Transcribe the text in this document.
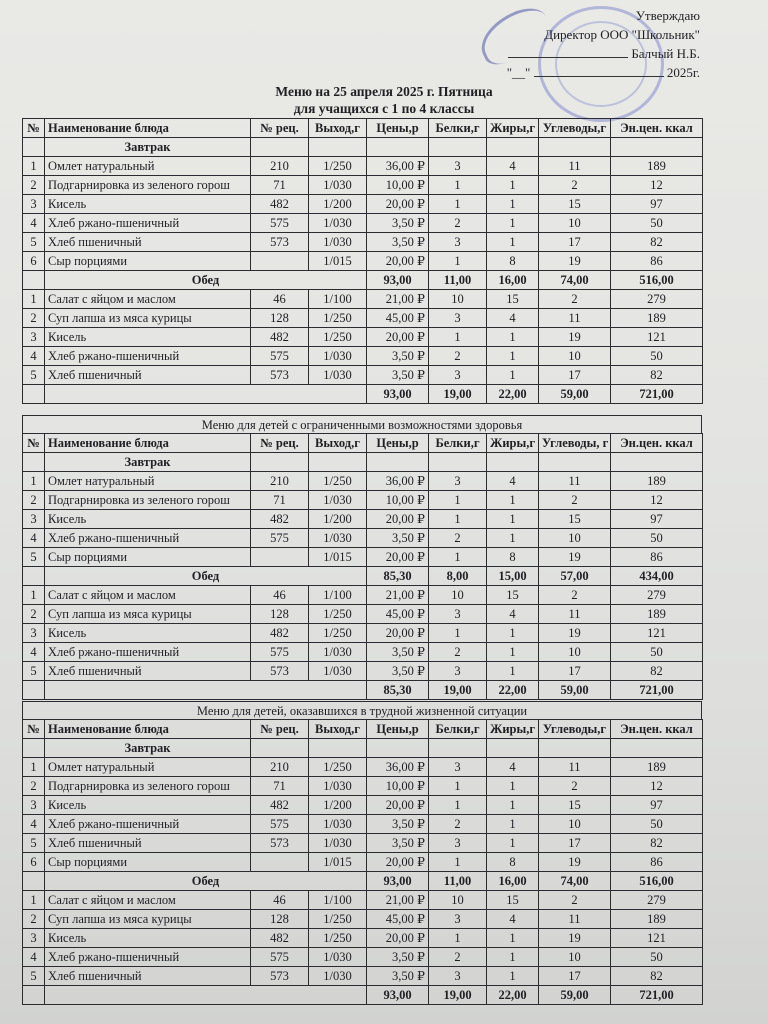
Утверждаю
Директор ООО "Школьник"
Балчый Н.Б.
"__"	2025г.
Меню на 25 апреля 2025 г. Пятница
для учащихся с 1 по 4 классы
№	Наименование блюда	№ рец.	Выход,г	Цены,р	Белки,г	Жиры,г	Углеводы,г	Эн.цен. ккал
	Завтрак							
1	Омлет натуральный	210	1/250	36,00 ₽	3	4	11	189
2	Подгарнировка из зеленого горош	71	1/030	10,00 ₽	1	1	2	12
3	Кисель	482	1/200	20,00 ₽	1	1	15	97
4	Хлеб ржано-пшеничный	575	1/030	3,50 ₽	2	1	10	50
5	Хлеб пшеничный	573	1/030	3,50 ₽	3	1	17	82
6	Сыр порциями		1/015	20,00 ₽	1	8	19	86
	Обед			93,00	11,00	16,00	74,00	516,00
1	Салат с яйцом и маслом	46	1/100	21,00 ₽	10	15	2	279
2	Суп лапша из мяса курицы	128	1/250	45,00 ₽	3	4	11	189
3	Кисель	482	1/250	20,00 ₽	1	1	19	121
4	Хлеб ржано-пшеничный	575	1/030	3,50 ₽	2	1	10	50
5	Хлеб пшеничный	573	1/030	3,50 ₽	3	1	17	82
				93,00	19,00	22,00	59,00	721,00
Меню для детей с ограниченными возможностями здоровья
№	Наименование блюда	№ рец.	Выход,г	Цены,р	Белки,г	Жиры,г	Углеводы, г	Эн.цен. ккал
	Завтрак							
1	Омлет натуральный	210	1/250	36,00 ₽	3	4	11	189
2	Подгарнировка из зеленого горош	71	1/030	10,00 ₽	1	1	2	12
3	Кисель	482	1/200	20,00 ₽	1	1	15	97
4	Хлеб ржано-пшеничный	575	1/030	3,50 ₽	2	1	10	50
5	Сыр порциями		1/015	20,00 ₽	1	8	19	86
	Обед			85,30	8,00	15,00	57,00	434,00
1	Салат с яйцом и маслом	46	1/100	21,00 ₽	10	15	2	279
2	Суп лапша из мяса курицы	128	1/250	45,00 ₽	3	4	11	189
3	Кисель	482	1/250	20,00 ₽	1	1	19	121
4	Хлеб ржано-пшеничный	575	1/030	3,50 ₽	2	1	10	50
5	Хлеб пшеничный	573	1/030	3,50 ₽	3	1	17	82
				85,30	19,00	22,00	59,00	721,00
Меню для детей, оказавшихся в трудной жизненной ситуации
№	Наименование блюда	№ рец.	Выход,г	Цены,р	Белки,г	Жиры,г	Углеводы,г	Эн.цен. ккал
	Завтрак							
1	Омлет натуральный	210	1/250	36,00 ₽	3	4	11	189
2	Подгарнировка из зеленого горош	71	1/030	10,00 ₽	1	1	2	12
3	Кисель	482	1/200	20,00 ₽	1	1	15	97
4	Хлеб ржано-пшеничный	575	1/030	3,50 ₽	2	1	10	50
5	Хлеб пшеничный	573	1/030	3,50 ₽	3	1	17	82
6	Сыр порциями		1/015	20,00 ₽	1	8	19	86
	Обед			93,00	11,00	16,00	74,00	516,00
1	Салат с яйцом и маслом	46	1/100	21,00 ₽	10	15	2	279
2	Суп лапша из мяса курицы	128	1/250	45,00 ₽	3	4	11	189
3	Кисель	482	1/250	20,00 ₽	1	1	19	121
4	Хлеб ржано-пшеничный	575	1/030	3,50 ₽	2	1	10	50
5	Хлеб пшеничный	573	1/030	3,50 ₽	3	1	17	82
				93,00	19,00	22,00	59,00	721,00
